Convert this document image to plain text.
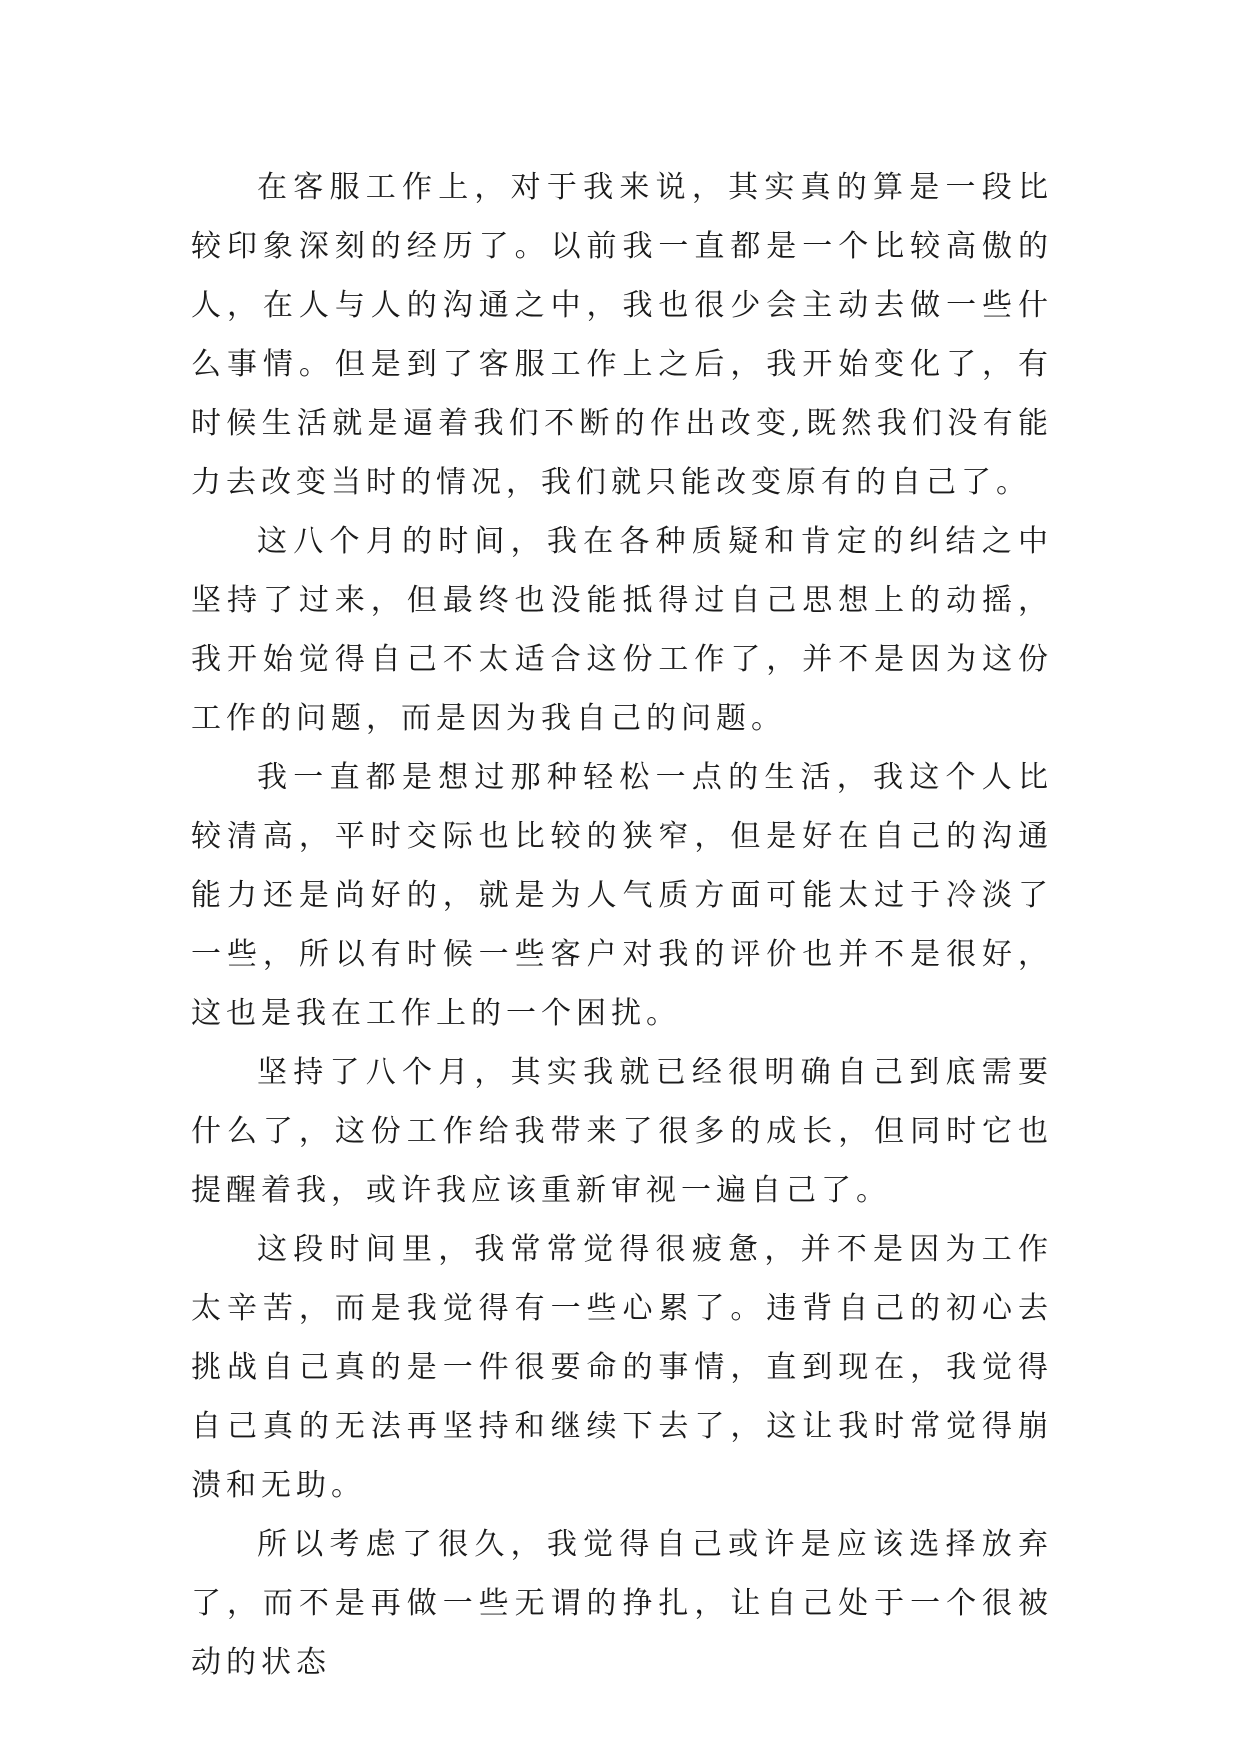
在客服工作上，对于我来说，其实真的算是一段比较印象深刻的经历了。以前我一直都是一个比较高傲的人，在人与人的沟通之中，我也很少会主动去做一些什么事情。但是到了客服工作上之后，我开始变化了，有时候生活就是逼着我们不断的作出改变,既然我们没有能力去改变当时的情况，我们就只能改变原有的自己了。

这八个月的时间，我在各种质疑和肯定的纠结之中坚持了过来，但最终也没能抵得过自己思想上的动摇，我开始觉得自己不太适合这份工作了，并不是因为这份工作的问题，而是因为我自己的问题。

我一直都是想过那种轻松一点的生活，我这个人比较清高，平时交际也比较的狭窄，但是好在自己的沟通能力还是尚好的，就是为人气质方面可能太过于冷淡了一些，所以有时候一些客户对我的评价也并不是很好，这也是我在工作上的一个困扰。

坚持了八个月，其实我就已经很明确自己到底需要什么了，这份工作给我带来了很多的成长，但同时它也提醒着我，或许我应该重新审视一遍自己了。

这段时间里，我常常觉得很疲惫，并不是因为工作太辛苦，而是我觉得有一些心累了。违背自己的初心去挑战自己真的是一件很要命的事情，直到现在，我觉得自己真的无法再坚持和继续下去了，这让我时常觉得崩溃和无助。

所以考虑了很久，我觉得自己或许是应该选择放弃了，而不是再做一些无谓的挣扎，让自己处于一个很被动的状态
